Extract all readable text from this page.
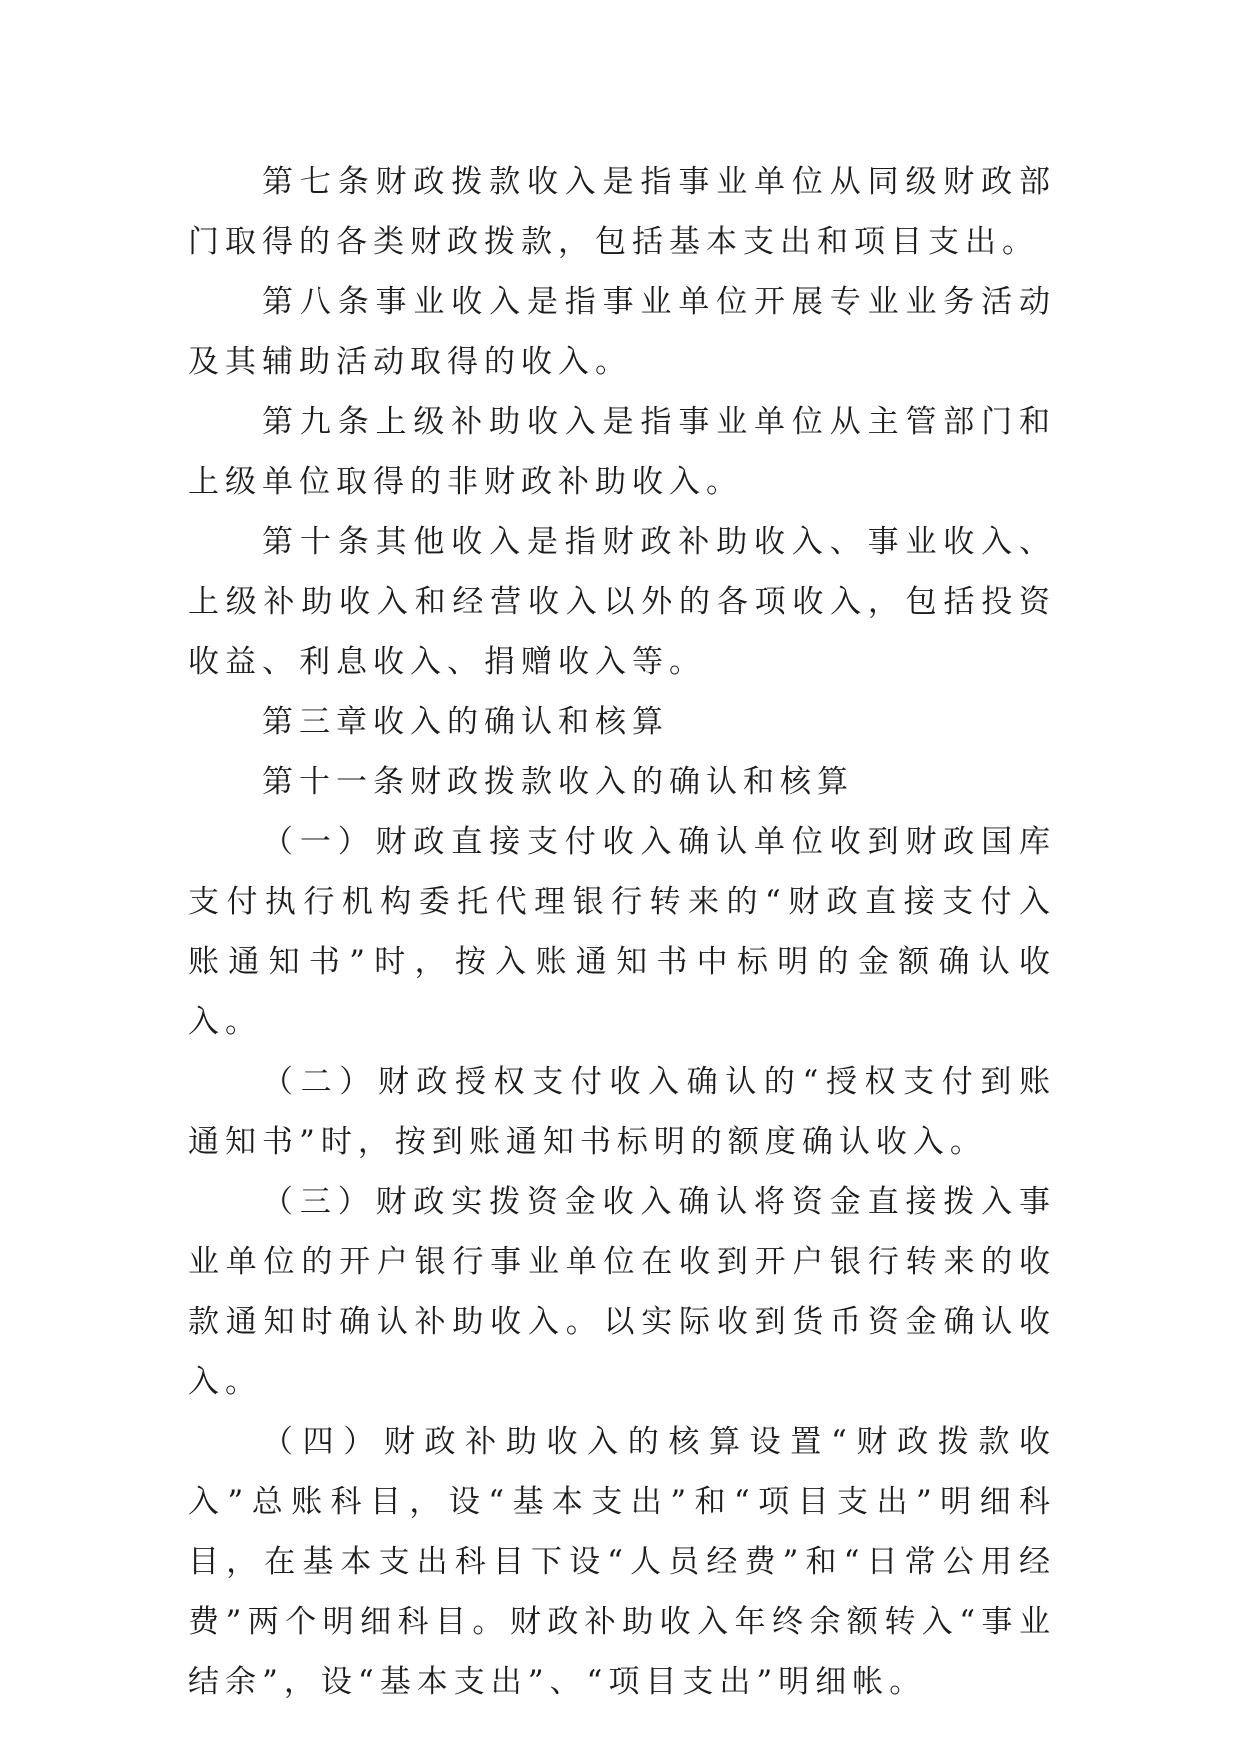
第七条财政拨款收入是指事业单位从同级财政部门取得的各类财政拨款，包括基本支出和项目支出。

第八条事业收入是指事业单位开展专业业务活动及其辅助活动取得的收入。

第九条上级补助收入是指事业单位从主管部门和上级单位取得的非财政补助收入。

第十条其他收入是指财政补助收入、事业收入、上级补助收入和经营收入以外的各项收入，包括投资收益、利息收入、捐赠收入等。

第三章收入的确认和核算

第十一条财政拨款收入的确认和核算

（一）财政直接支付收入确认单位收到财政国库支付执行机构委托代理银行转来的“财政直接支付入账通知书”时，按入账通知书中标明的金额确认收入。

（二）财政授权支付收入确认的“授权支付到账通知书”时，按到账通知书标明的额度确认收入。

（三）财政实拨资金收入确认将资金直接拨入事业单位的开户银行事业单位在收到开户银行转来的收款通知时确认补助收入。以实际收到货币资金确认收入。

（四）财政补助收入的核算设置“财政拨款收入”总账科目，设“基本支出”和“项目支出”明细科目，在基本支出科目下设“人员经费”和“日常公用经费”两个明细科目。财政补助收入年终余额转入“事业结余”，设“基本支出”、“项目支出”明细帐。
